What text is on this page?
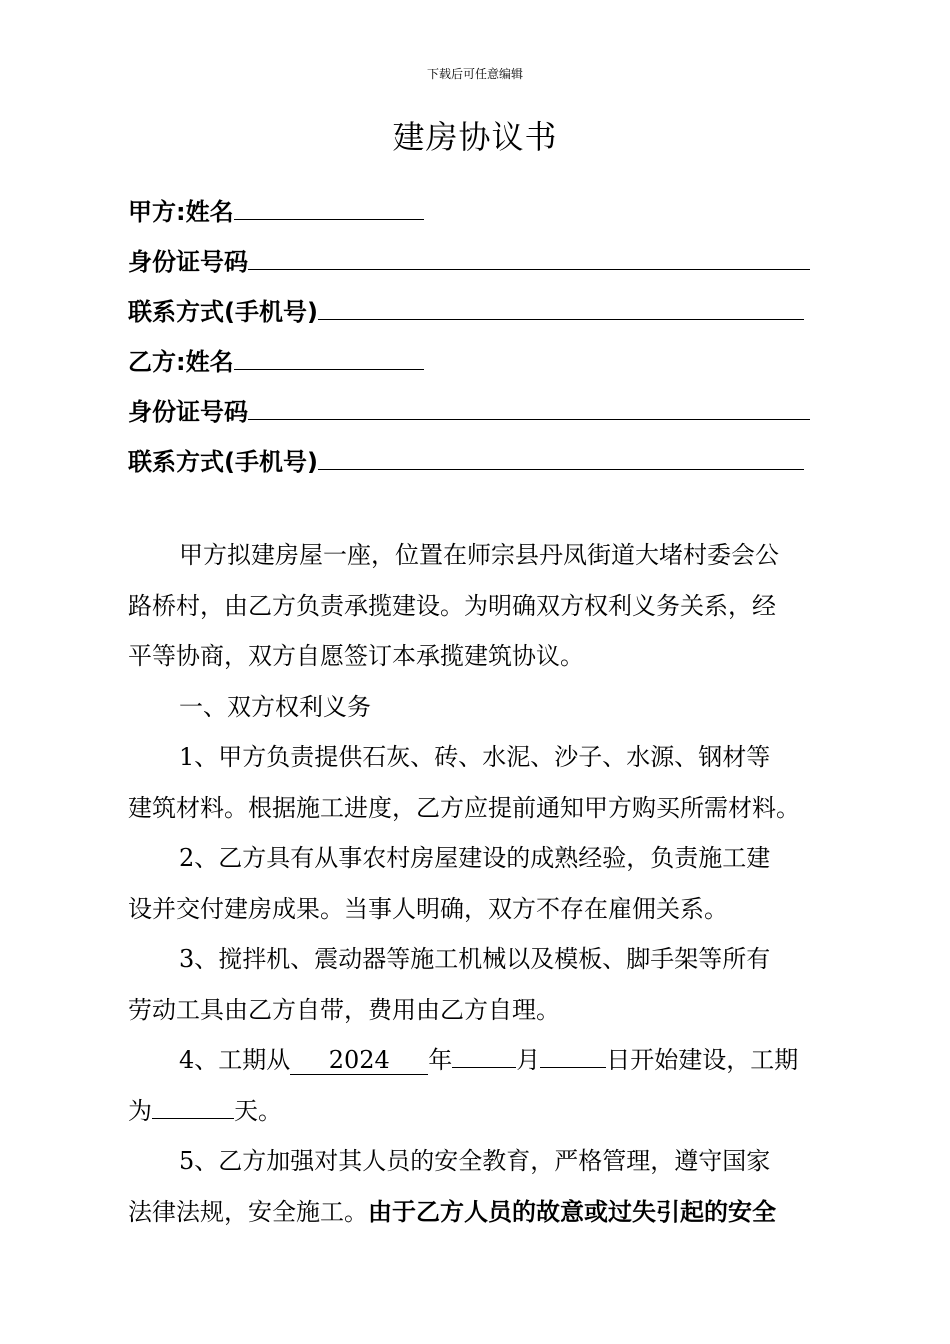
下载后可任意编辑
建房协议书
甲方:姓名
身份证号码
联系方式(手机号)
乙方:姓名
身份证号码
联系方式(手机号)
甲方拟建房屋一座，位置在师宗县丹凤街道大堵村委会公
路桥村，由乙方负责承揽建设。为明确双方权利义务关系，经
平等协商，双方自愿签订本承揽建筑协议。
一、双方权利义务
1、甲方负责提供石灰、砖、水泥、沙子、水源、钢材等
建筑材料。根据施工进度，乙方应提前通知甲方购买所需材料。
2、乙方具有从事农村房屋建设的成熟经验，负责施工建
设并交付建房成果。当事人明确，双方不存在雇佣关系。
3、搅拌机、震动器等施工机械以及模板、脚手架等所有
劳动工具由乙方自带，费用由乙方自理。
4、工期从 2024 年	月	日开始建设，工期
为	天。
5、乙方加强对其人员的安全教育，严格管理，遵守国家
法律法规，安全施工。由于乙方人员的故意或过失引起的安全
